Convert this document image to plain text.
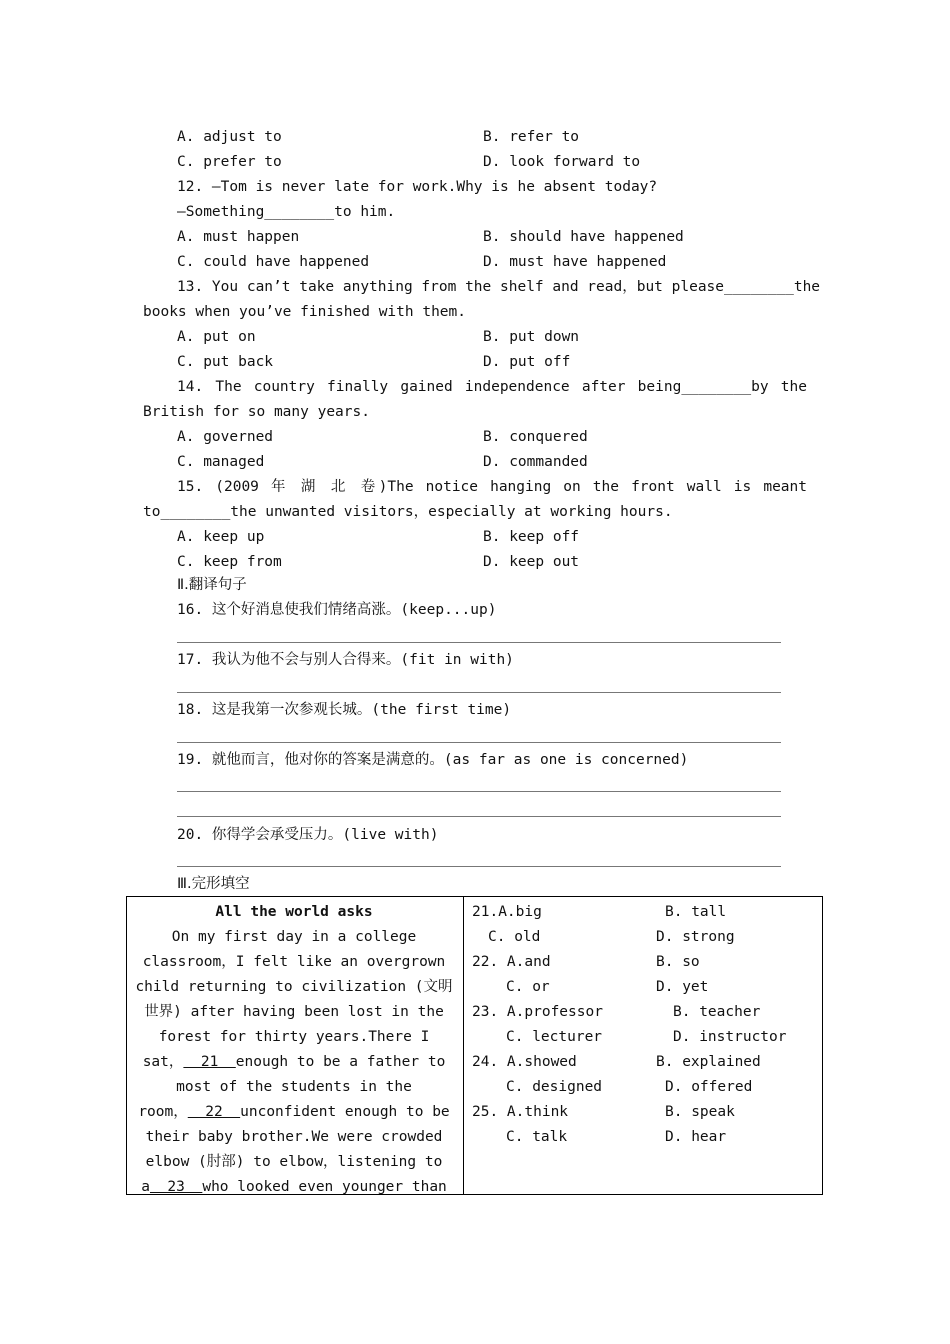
A. adjust to	B. refer to
C. prefer to	D. look forward to
12. —Tom is never late for work.Why is he absent today?
—Something________to him.
A. must happen	B. should have happened
C. could have happened	D. must have happened
13. You can’t take anything from the shelf and read，but please________the
books when you’ve finished with them.
A. put on	B. put down
C. put back	D. put off
14. The country finally gained independence after being________by the
British for so many years.
A. governed	B. conquered
C. managed	D. commanded
15. (2009 年 湖 北 卷)The notice hanging on the front wall is meant
to________the unwanted visitors，especially at working hours.
A. keep up	B. keep off
C. keep from	D. keep out
Ⅱ.翻译句子
16. 这个好消息使我们情绪高涨。(keep...up)
17. 我认为他不会与别人合得来。(fit in with)
18. 这是我第一次参观长城。(the first time)
19. 就他而言，他对你的答案是满意的。(as far as one is concerned)
20. 你得学会承受压力。(live with)
Ⅲ.完形填空
All the world asks
On my first day in a college
classroom，I felt like an overgrown
child returning to civilization (文明
世界) after having been lost in the
forest for thirty years.There I
sat，  21  enough to be a father to
most of the students in the
room，  22  unconfident enough to be
their baby brother.We were crowded
elbow (肘部) to elbow，listening to
a  23  who looked even younger than
21.A.big	B. tall
C. old	D. strong
22. A.and	B. so
C. or	D. yet
23. A.professor	B. teacher
C. lecturer	D. instructor
24. A.showed	B. explained
C. designed	D. offered
25. A.think	B. speak
C. talk	D. hear
